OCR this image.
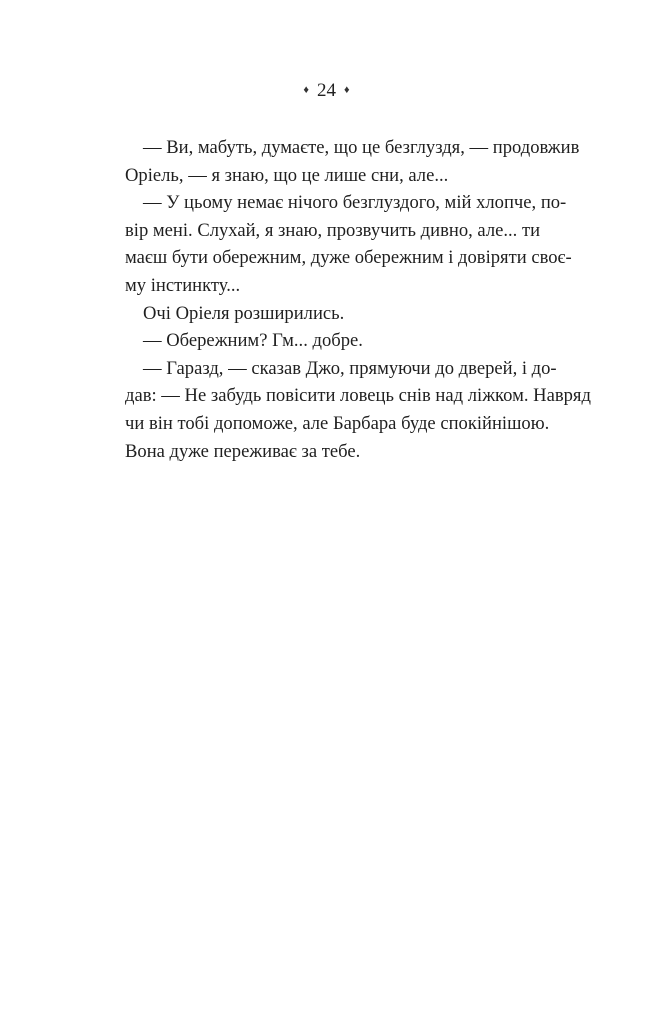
♦ 24 ♦
— Ви, мабуть, думаєте, що це безглуздя, — продовжив
Оріель, — я знаю, що це лише сни, але...
— У цьому немає нічого безглуздого, мій хлопче, по-
вір мені. Слухай, я знаю, прозвучить дивно, але... ти
маєш бути обережним, дуже обережним і довіряти своє-
му інстинкту...
Очі Оріеля розширились.
— Обережним? Гм... добре.
— Гаразд, — сказав Джо, прямуючи до дверей, і до-
дав: — Не забудь повісити ловець снів над ліжком. Навряд
чи він тобі допоможе, але Барбара буде спокійнішою.
Вона дуже переживає за тебе.
